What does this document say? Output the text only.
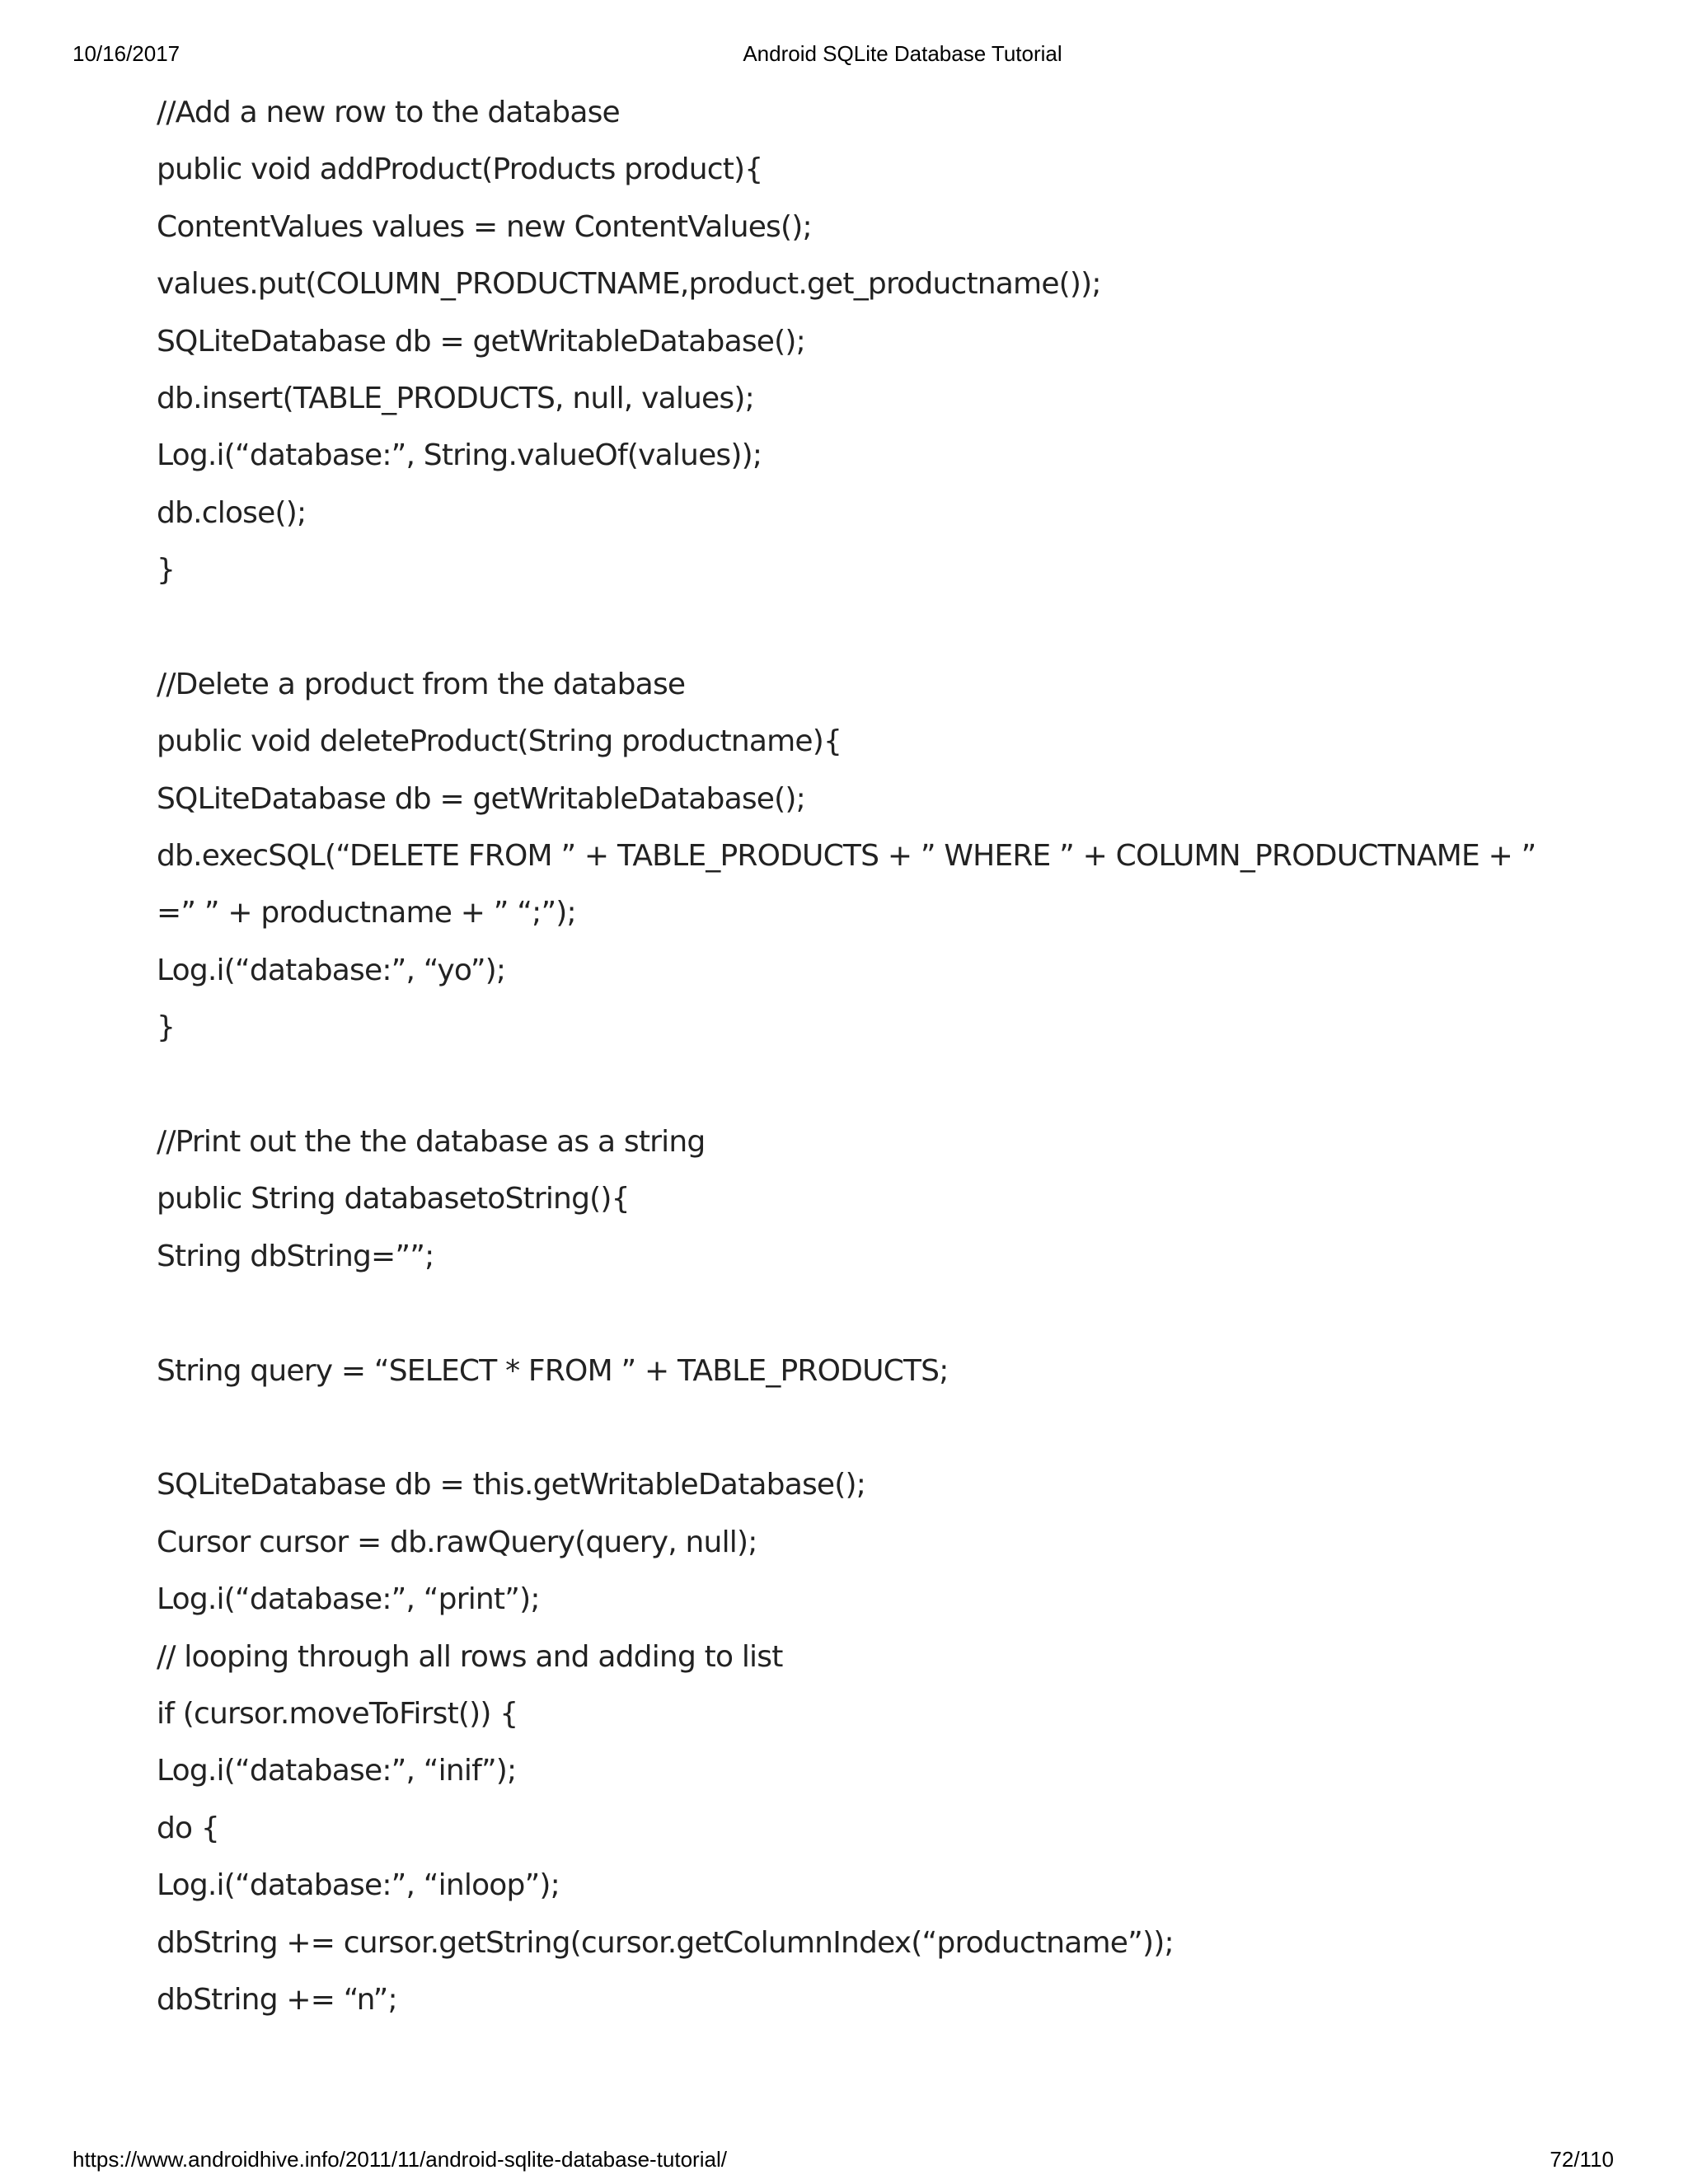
10/16/2017	Android SQLite Database Tutorial
//Add a new row to the database
public void addProduct(Products product){
ContentValues values = new ContentValues();
values.put(COLUMN_PRODUCTNAME,product.get_productname());
SQLiteDatabase db = getWritableDatabase();
db.insert(TABLE_PRODUCTS, null, values);
Log.i(“database:”, String.valueOf(values));
db.close();
}
//Delete a product from the database
public void deleteProduct(String productname){
SQLiteDatabase db = getWritableDatabase();
db.execSQL(“DELETE FROM ” + TABLE_PRODUCTS + ” WHERE ” + COLUMN_PRODUCTNAME + ”
=” ” + productname + ” “;”);
Log.i(“database:”, “yo”);
}
//Print out the the database as a string
public String databasetoString(){
String dbString=””;
String query = “SELECT * FROM ” + TABLE_PRODUCTS;
SQLiteDatabase db = this.getWritableDatabase();
Cursor cursor = db.rawQuery(query, null);
Log.i(“database:”, “print”);
// looping through all rows and adding to list
if (cursor.moveToFirst()) {
Log.i(“database:”, “inif”);
do {
Log.i(“database:”, “inloop”);
dbString += cursor.getString(cursor.getColumnIndex(“productname”));
dbString += “n”;
https://www.androidhive.info/2011/11/android-sqlite-database-tutorial/	72/110
